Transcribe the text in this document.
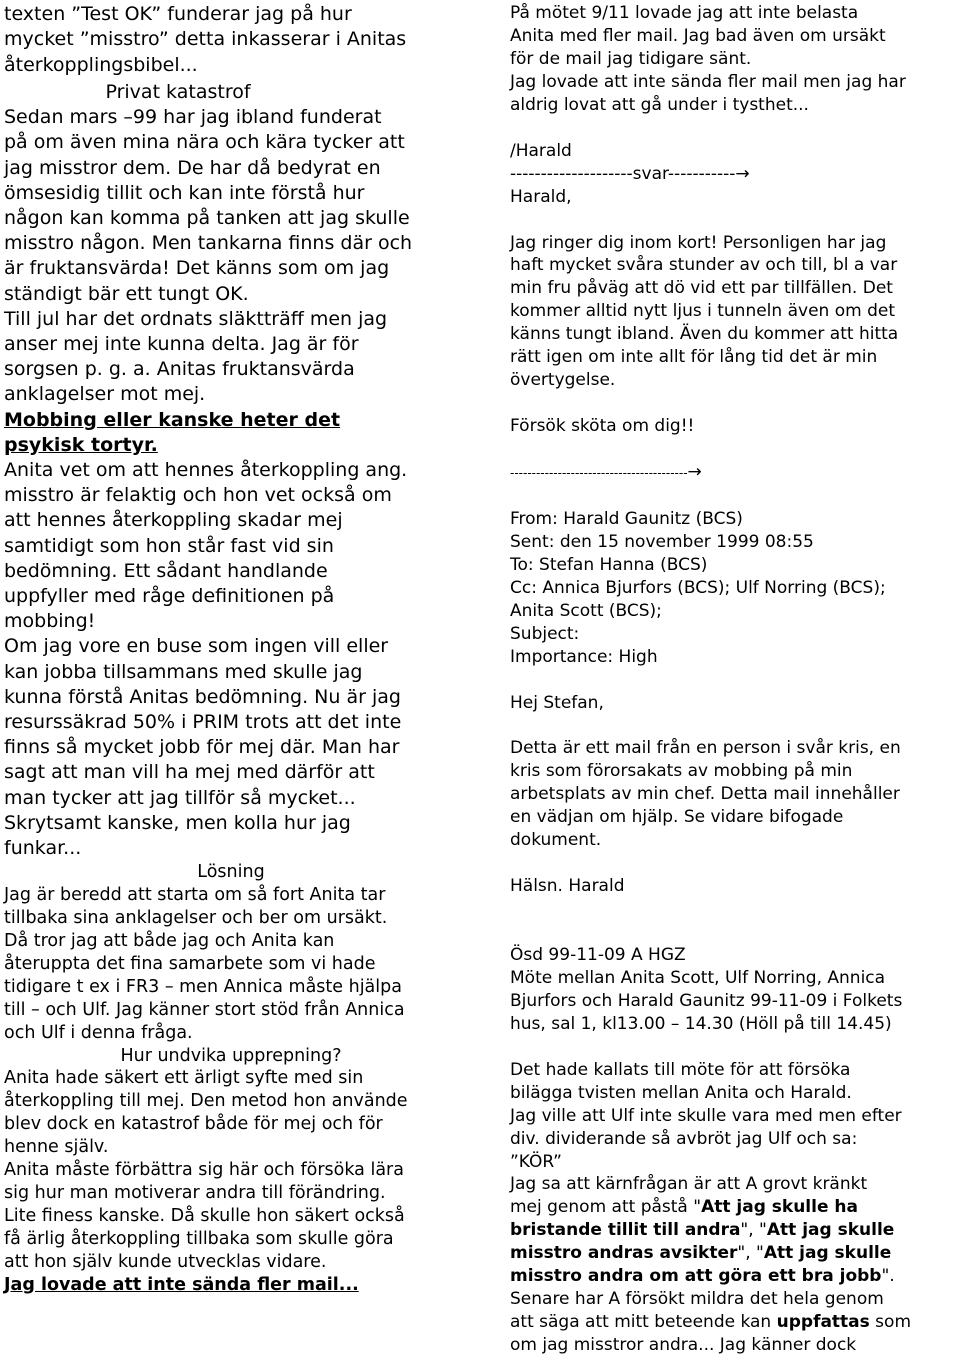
texten ”Test OK” funderar jag på hur
mycket ”misstro” detta inkasserar i Anitas
återkopplingsbibel...
Privat katastrof
Sedan mars –99 har jag ibland funderat
på om även mina nära och kära tycker att
jag misstror dem. De har då bedyrat en
ömsesidig tillit och kan inte förstå hur
någon kan komma på tanken att jag skulle
misstro någon. Men tankarna finns där och
är fruktansvärda! Det känns som om jag
ständigt bär ett tungt OK.
Till jul har det ordnats släktträff men jag
anser mej inte kunna delta. Jag är för
sorgsen p. g. a. Anitas fruktansvärda
anklagelser mot mej.
Mobbing eller kanske heter det
psykisk tortyr.
Anita vet om att hennes återkoppling ang.
misstro är felaktig och hon vet också om
att hennes återkoppling skadar mej
samtidigt som hon står fast vid sin
bedömning. Ett sådant handlande
uppfyller med råge definitionen på
mobbing!
Om jag vore en buse som ingen vill eller
kan jobba tillsammans med skulle jag
kunna förstå Anitas bedömning. Nu är jag
resurssäkrad 50% i PRIM trots att det inte
finns så mycket jobb för mej där. Man har
sagt att man vill ha mej med därför att
man tycker att jag tillför så mycket...
Skrytsamt kanske, men kolla hur jag
funkar...
Lösning
Jag är beredd att starta om så fort Anita tar
tillbaka sina anklagelser och ber om ursäkt.
Då tror jag att både jag och Anita kan
återuppta det fina samarbete som vi hade
tidigare t ex i FR3 – men Annica måste hjälpa
till – och Ulf. Jag känner stort stöd från Annica
och Ulf i denna fråga.
Hur undvika upprepning?
Anita hade säkert ett ärligt syfte med sin
återkoppling till mej. Den metod hon använde
blev dock en katastrof både för mej och för
henne själv.
Anita måste förbättra sig här och försöka lära
sig hur man motiverar andra till förändring.
Lite finess kanske. Då skulle hon säkert också
få ärlig återkoppling tillbaka som skulle göra
att hon själv kunde utvecklas vidare.
Jag lovade att inte sända fler mail...
På mötet 9/11 lovade jag att inte belasta
Anita med fler mail. Jag bad även om ursäkt
för de mail jag tidigare sänt.
Jag lovade att inte sända fler mail men jag har
aldrig lovat att gå under i tysthet...
/Harald
--------------------svar-----------→
Harald,
Jag ringer dig inom kort! Personligen har jag
haft mycket svåra stunder av och till, bl a var
min fru påväg att dö vid ett par tillfällen. Det
kommer alltid nytt ljus i tunneln även om det
känns tungt ibland. Även du kommer att hitta
rätt igen om inte allt för lång tid det är min
övertygelse.
Försök sköta om dig!!
-----------------------------------------→
From: Harald Gaunitz (BCS)
Sent: den 15 november 1999 08:55
To: Stefan Hanna (BCS)
Cc: Annica Bjurfors (BCS); Ulf Norring (BCS);
Anita Scott (BCS);
Subject:
Importance: High
Hej Stefan,
Detta är ett mail från en person i svår kris, en
kris som förorsakats av mobbing på min
arbetsplats av min chef. Detta mail innehåller
en vädjan om hjälp. Se vidare bifogade
dokument.
Hälsn. Harald
Ösd 99-11-09 A HGZ
Möte mellan Anita Scott, Ulf Norring, Annica
Bjurfors och Harald Gaunitz 99-11-09 i Folkets
hus, sal 1, kl13.00 – 14.30 (Höll på till 14.45)
Det hade kallats till möte för att försöka
bilägga tvisten mellan Anita och Harald.
Jag ville att Ulf inte skulle vara med men efter
div. dividerande så avbröt jag Ulf och sa:
”KÖR”
Jag sa att kärnfrågan är att A grovt kränkt
mej genom att påstå "Att jag skulle ha bristande tillit till andra", "Att jag skulle misstro andras avsikter", "Att jag skulle misstro andra om att göra ett bra jobb".
Senare har A försökt mildra det hela genom
att säga att mitt beteende kan uppfattas som
om jag misstror andra... Jag känner dock
